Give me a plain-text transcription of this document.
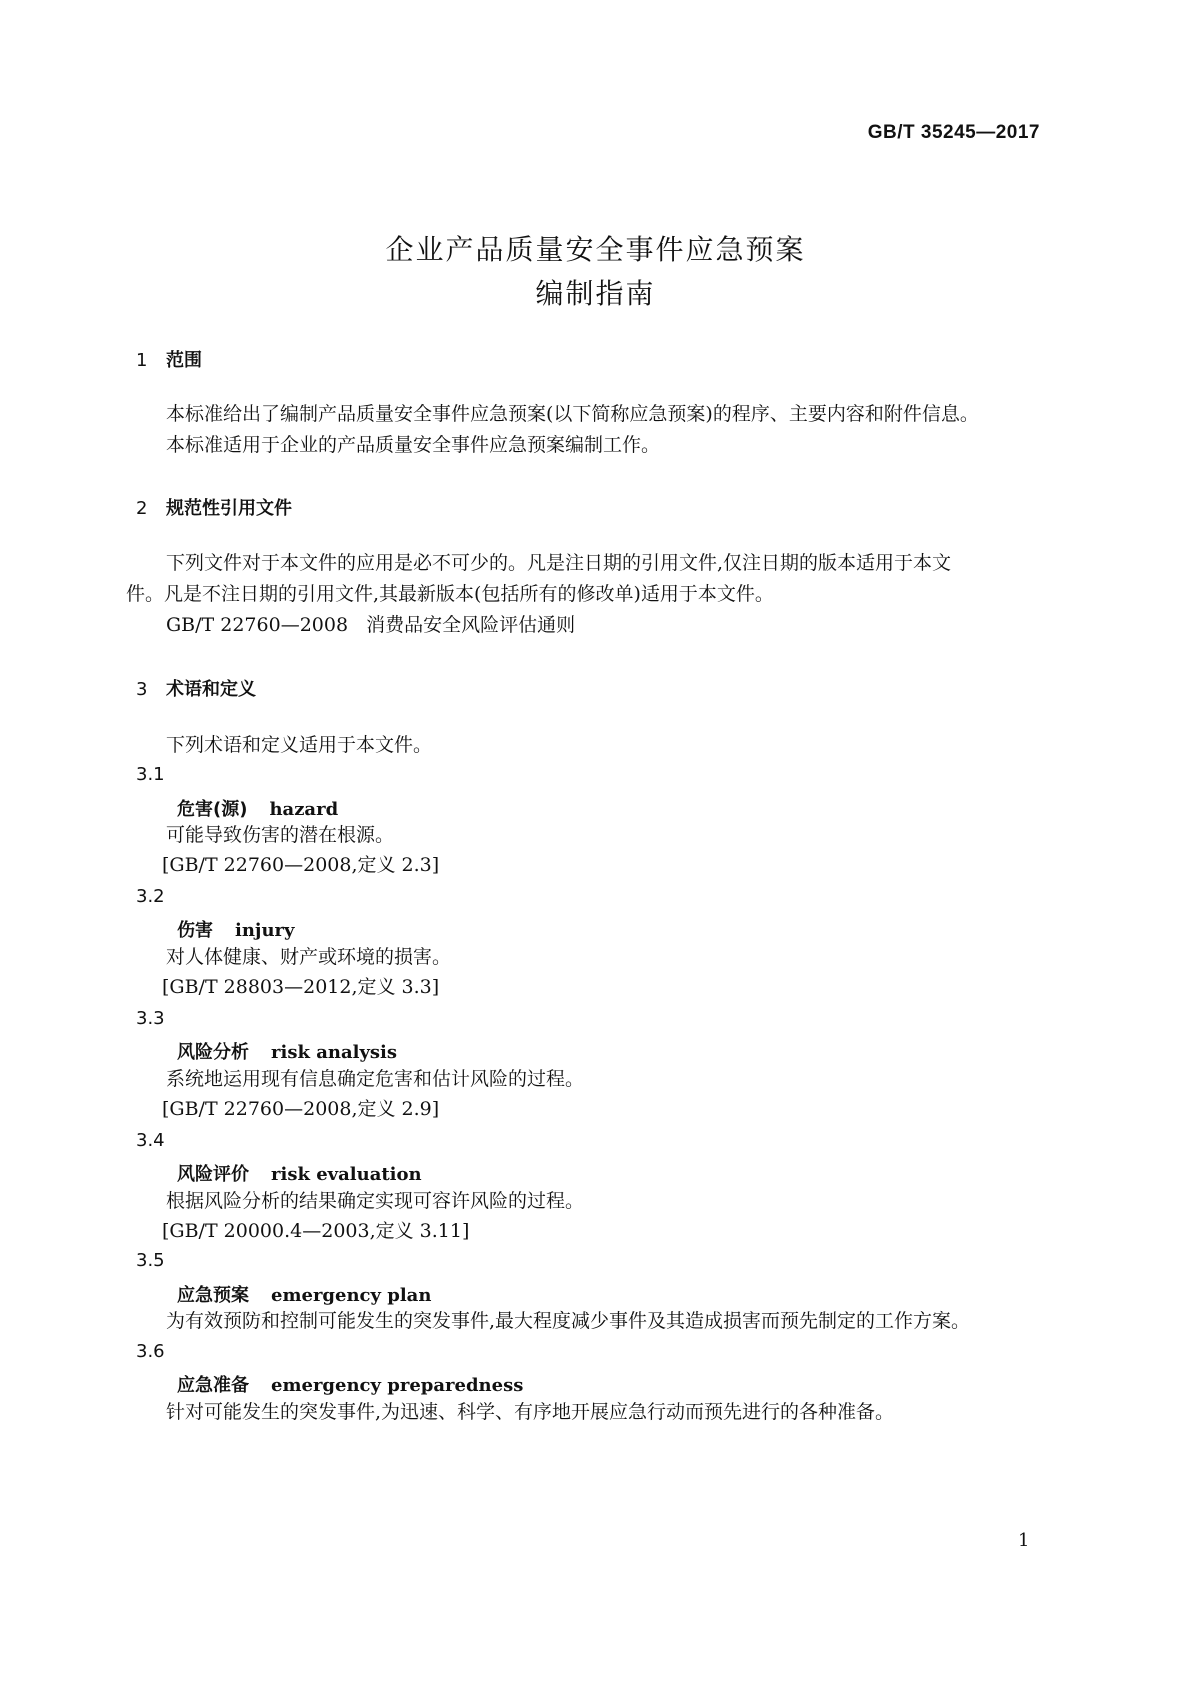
GB/T 35245—2017
企业产品质量安全事件应急预案
编制指南
1 范围
本标准给出了编制产品质量安全事件应急预案(以下简称应急预案)的程序、主要内容和附件信息。
本标准适用于企业的产品质量安全事件应急预案编制工作。
2 规范性引用文件
下列文件对于本文件的应用是必不可少的。凡是注日期的引用文件,仅注日期的版本适用于本文
件。凡是不注日期的引用文件,其最新版本(包括所有的修改单)适用于本文件。
GB/T 22760—2008   消费品安全风险评估通则
3 术语和定义
下列术语和定义适用于本文件。
3.1
危害(源) hazard
可能导致伤害的潜在根源。
[GB/T 22760—2008,定义 2.3]
3.2
伤害 injury
对人体健康、财产或环境的损害。
[GB/T 28803—2012,定义 3.3]
3.3
风险分析 risk analysis
系统地运用现有信息确定危害和估计风险的过程。
[GB/T 22760—2008,定义 2.9]
3.4
风险评价 risk evaluation
根据风险分析的结果确定实现可容许风险的过程。
[GB/T 20000.4—2003,定义 3.11]
3.5
应急预案 emergency plan
为有效预防和控制可能发生的突发事件,最大程度减少事件及其造成损害而预先制定的工作方案。
3.6
应急准备 emergency preparedness
针对可能发生的突发事件,为迅速、科学、有序地开展应急行动而预先进行的各种准备。
1
